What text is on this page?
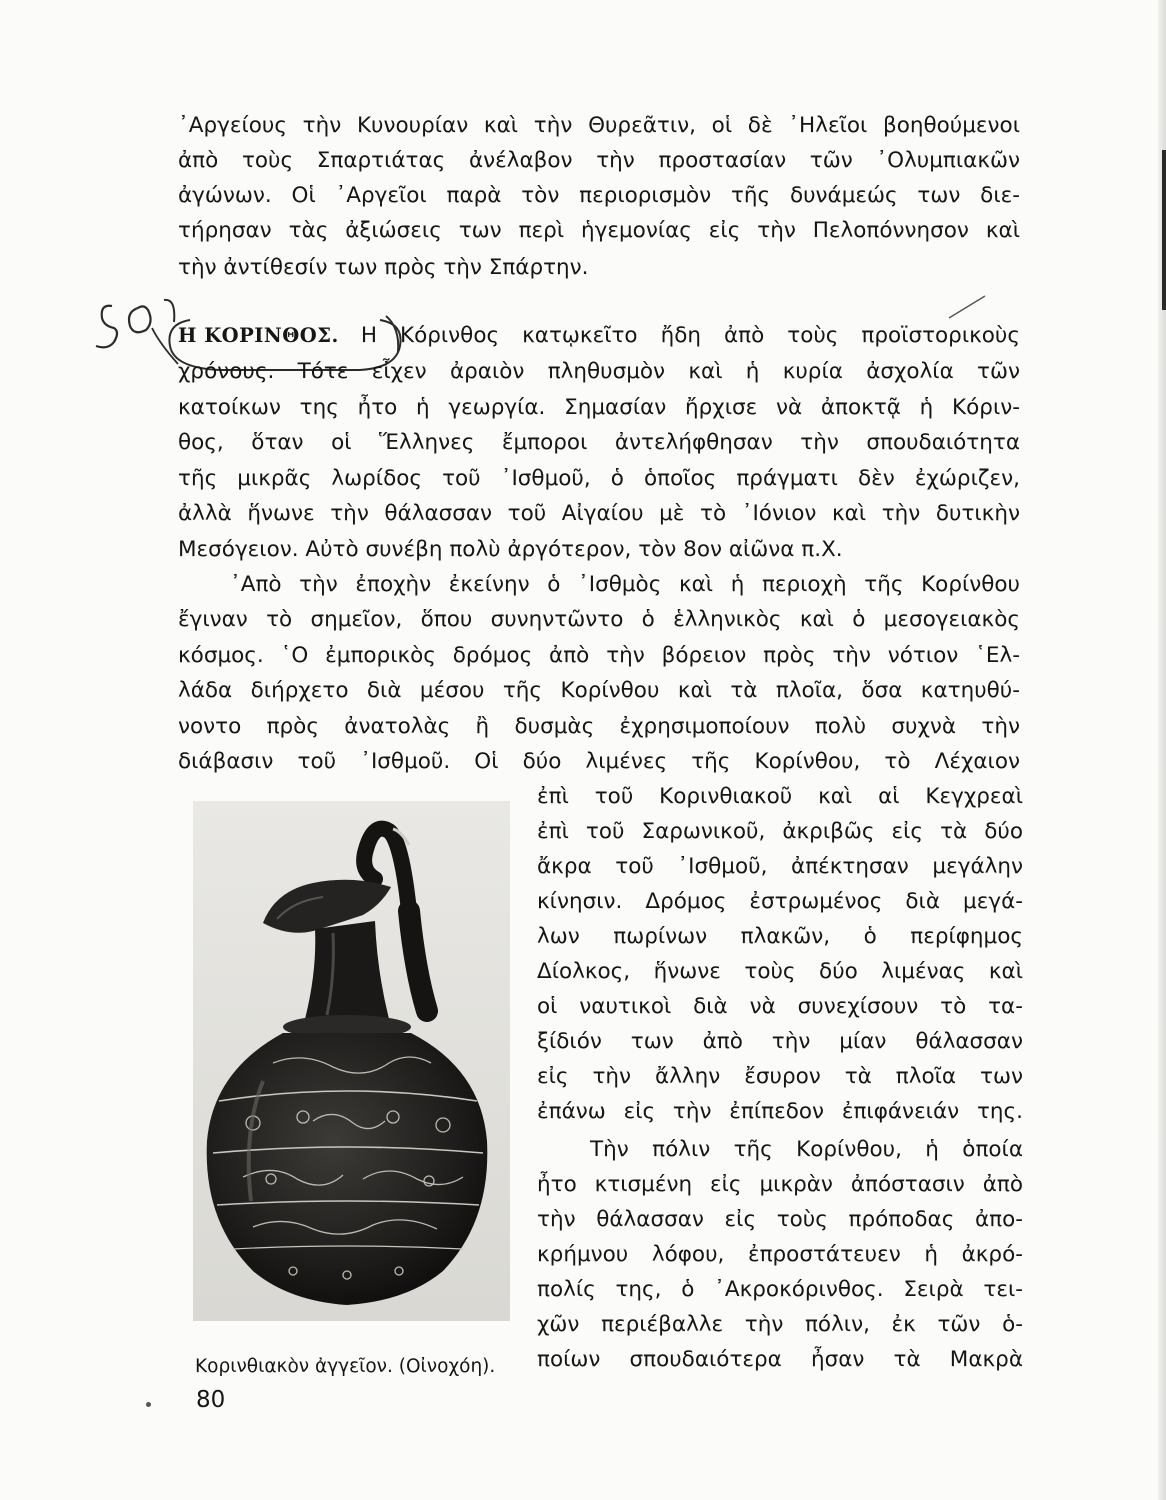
᾿Αργείους τὴν Κυνουρίαν καὶ τὴν Θυρεᾶτιν, οἱ δὲ ᾿Ηλεῖοι βοηθούμενοι
ἀπὸ τοὺς Σπαρτιάτας ἀνέλαβον τὴν προστασίαν τῶν ᾿Ολυμπιακῶν
ἀγώνων. Οἱ ᾿Αργεῖοι παρὰ τὸν περιορισμὸν τῆς δυνάμεώς των διε-
τήρησαν τὰς ἀξιώσεις των περὶ ἡγεμονίας εἰς τὴν Πελοπόννησον καὶ
τὴν ἀντίθεσίν των πρὸς τὴν Σπάρτην.
Η ΚΟΡΙΝΘΟΣ. Η Κόρινθος κατῳκεῖτο ἤδη ἀπὸ τοὺς προϊστορικοὺς
χρόνους. Τότε εἶχεν ἀραιὸν πληθυσμὸν καὶ ἡ κυρία ἀσχολία τῶν
κατοίκων της ἦτο ἡ γεωργία. Σημασίαν ἤρχισε νὰ ἀποκτᾷ ἡ Κόριν-
θος, ὅταν οἱ Ἕλληνες ἔμποροι ἀντελήφθησαν τὴν σπουδαιότητα
τῆς μικρᾶς λωρίδος τοῦ ᾿Ισθμοῦ, ὁ ὁποῖος πράγματι δὲν ἐχώριζεν,
ἀλλὰ ἥνωνε τὴν θάλασσαν τοῦ Αἰγαίου μὲ τὸ ᾿Ιόνιον καὶ τὴν δυτικὴν
Μεσόγειον. Αὐτὸ συνέβη πολὺ ἀργότερον, τὸν 8ον αἰῶνα π.Χ.
᾿Απὸ τὴν ἐποχὴν ἐκείνην ὁ ᾿Ισθμὸς καὶ ἡ περιοχὴ τῆς Κορίνθου
ἔγιναν τὸ σημεῖον, ὅπου συνηντῶντο ὁ ἑλληνικὸς καὶ ὁ μεσογειακὸς
κόσμος. ῾Ο ἐμπορικὸς δρόμος ἀπὸ τὴν βόρειον πρὸς τὴν νότιον ῾Ελ-
λάδα διήρχετο διὰ μέσου τῆς Κορίνθου καὶ τὰ πλοῖα, ὅσα κατηυθύ-
νοντο πρὸς ἀνατολὰς ἢ δυσμὰς ἐχρησιμοποίουν πολὺ συχνὰ τὴν
διάβασιν τοῦ ᾿Ισθμοῦ. Οἱ δύο λιμένες τῆς Κορίνθου, τὸ Λέχαιον
ἐπὶ τοῦ Κορινθιακοῦ καὶ αἱ Κεγχρεαὶ
ἐπὶ τοῦ Σαρωνικοῦ, ἀκριβῶς εἰς τὰ δύο
ἄκρα τοῦ ᾿Ισθμοῦ, ἀπέκτησαν μεγάλην
κίνησιν. Δρόμος ἐστρωμένος διὰ μεγά-
λων πωρίνων πλακῶν, ὁ περίφημος
Δίολκος, ἥνωνε τοὺς δύο λιμένας καὶ
οἱ ναυτικοὶ διὰ νὰ συνεχίσουν τὸ τα-
ξίδιόν των ἀπὸ τὴν μίαν θάλασσαν
εἰς τὴν ἄλλην ἔσυρον τὰ πλοῖα των
ἐπάνω εἰς τὴν ἐπίπεδον ἐπιφάνειάν της.
Τὴν πόλιν τῆς Κορίνθου, ἡ ὁποία
ἦτο κτισμένη εἰς μικρὰν ἀπόστασιν ἀπὸ
τὴν θάλασσαν εἰς τοὺς πρόποδας ἀπο-
κρήμνου λόφου, ἐπροστάτευεν ἡ ἀκρό-
πολίς της, ὁ ᾿Ακροκόρινθος. Σειρὰ τει-
χῶν περιέβαλλε τὴν πόλιν, ἐκ τῶν ὁ-
ποίων σπουδαιότερα ἦσαν τὰ Μακρὰ
Κορινθιακὸν ἀγγεῖον. (Οἰνοχόη).
80
